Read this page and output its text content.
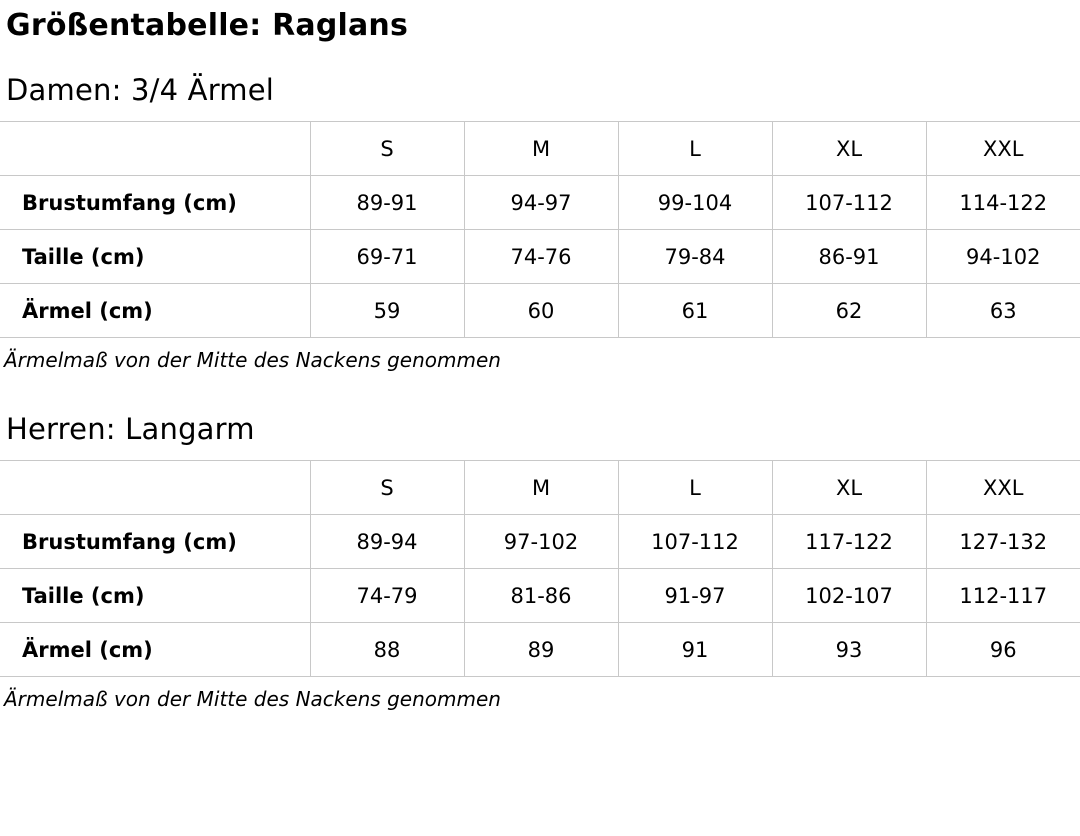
Größentabelle: Raglans
Damen: 3/4 Ärmel
	S	M	L	XL	XXL
Brustumfang (cm)	89-91	94-97	99-104	107-112	114-122
Taille (cm)	69-71	74-76	79-84	86-91	94-102
Ärmel (cm)	59	60	61	62	63
Ärmelmaß von der Mitte des Nackens genommen
Herren: Langarm
	S	M	L	XL	XXL
Brustumfang (cm)	89-94	97-102	107-112	117-122	127-132
Taille (cm)	74-79	81-86	91-97	102-107	112-117
Ärmel (cm)	88	89	91	93	96
Ärmelmaß von der Mitte des Nackens genommen
